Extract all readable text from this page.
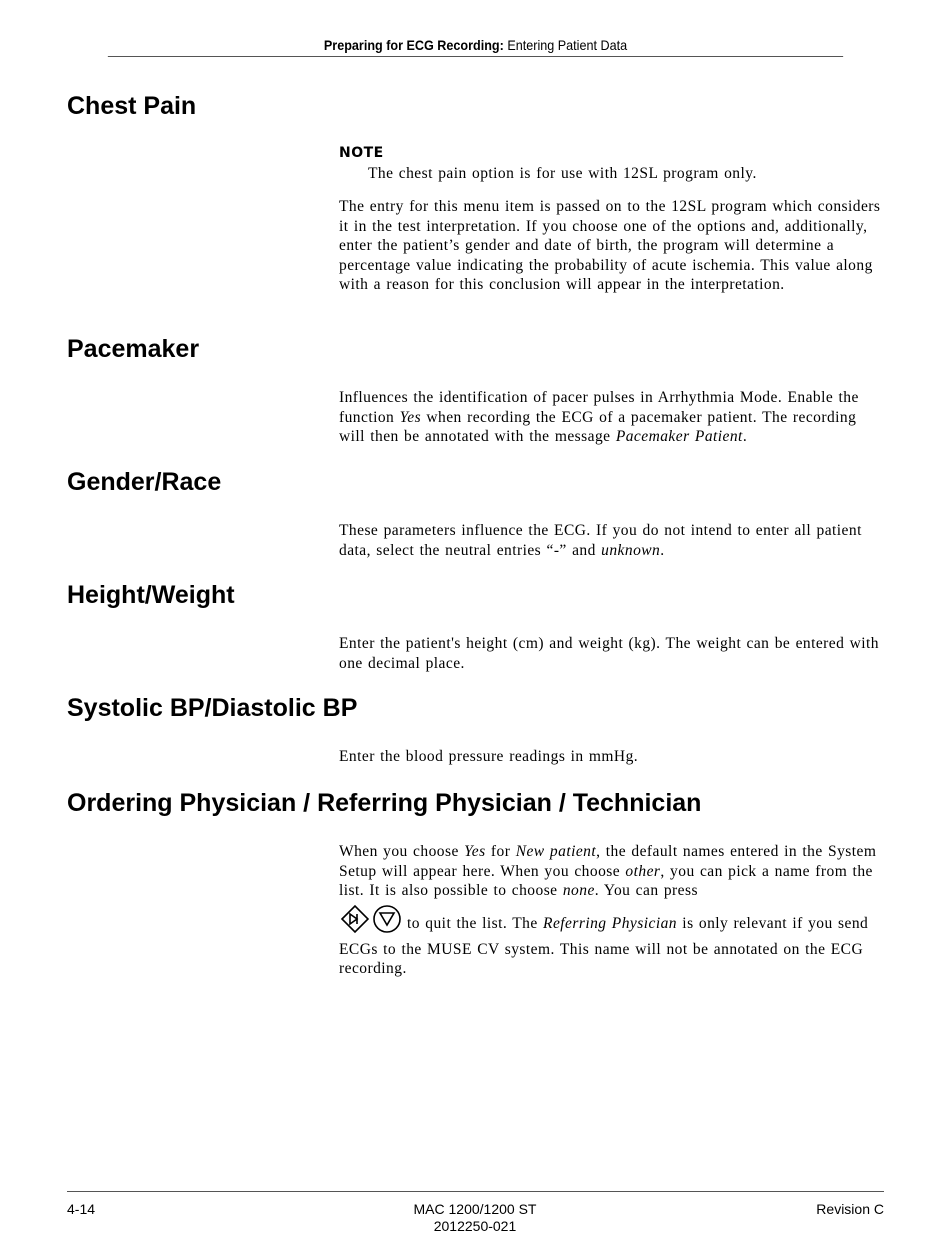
Preparing for ECG Recording: Entering Patient Data
Chest Pain
NOTE

The chest pain option is for use with 12SL program only.

The entry for this menu item is passed on to the 12SL program which considers it in the test interpretation. If you choose one of the options and, additionally, enter the patient’s gender and date of birth, the program will determine a percentage value indicating the probability of acute ischemia. This value along with a reason for this conclusion will appear in the interpretation.

Pacemaker

Influences the identification of pacer pulses in Arrhythmia Mode. Enable the function Yes when recording the ECG of a pacemaker patient. The recording will then be annotated with the message Pacemaker Patient.

Gender/Race

These parameters influence the ECG. If you do not intend to enter all patient data, select the neutral entries “-” and unknown.

Height/Weight

Enter the patient's height (cm) and weight (kg). The weight can be entered with one decimal place.

Systolic BP/Diastolic BP

Enter the blood pressure readings in mmHg.

Ordering Physician / Referring Physician / Technician

When you choose Yes for New patient, the default names entered in the System Setup will appear here. When you choose other, you can pick a name from the list. It is also possible to choose none. You can press

to quit the list. The Referring Physician is only relevant if you send ECGs to the MUSE CV system. This name will not be annotated on the ECG recording.

4-14	MAC 1200/1200 ST
2012250-021
Revision C
